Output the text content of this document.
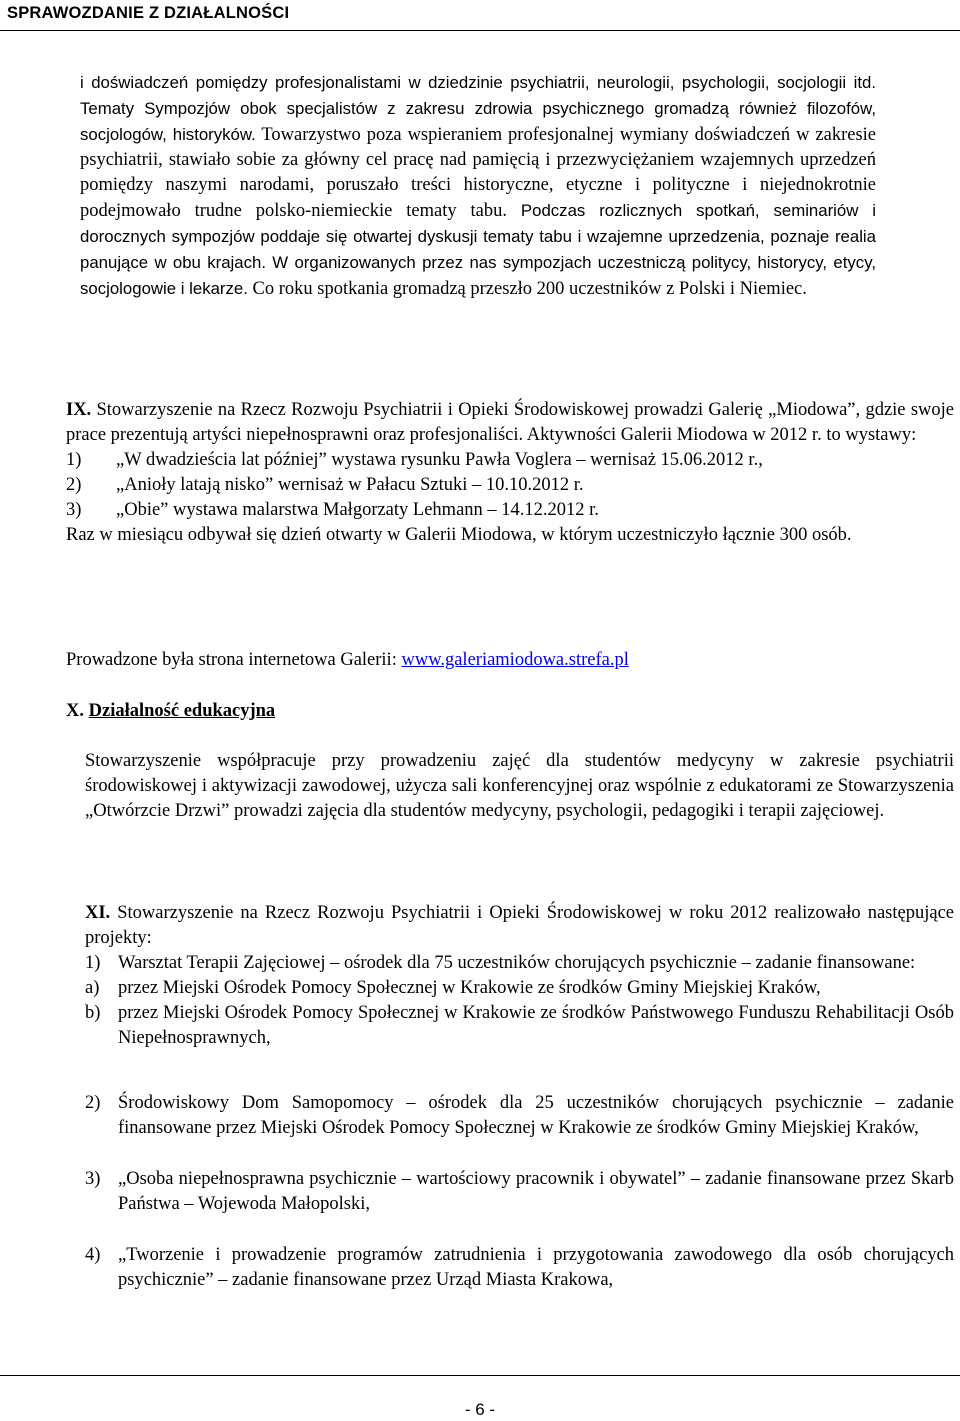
SPRAWOZDANIE Z DZIAŁALNOŚCI
i doświadczeń pomiędzy profesjonalistami w dziedzinie psychiatrii, neurologii, psychologii, socjologii itd. Tematy Sympozjów obok specjalistów z zakresu zdrowia psychicznego gromadzą również filozofów, socjologów, historyków. Towarzystwo poza wspieraniem profesjonalnej wymiany doświadczeń w zakresie psychiatrii, stawiało sobie za główny cel pracę nad pamięcią i przezwyciężaniem wzajemnych uprzedzeń pomiędzy naszymi narodami, poruszało treści historyczne, etyczne i polityczne i niejednokrotnie podejmowało trudne polsko-niemieckie tematy tabu. Podczas rozlicznych spotkań, seminariów i dorocznych sympozjów poddaje się otwartej dyskusji tematy tabu i wzajemne uprzedzenia, poznaje realia panujące w obu krajach. W organizowanych przez nas sympozjach uczestniczą politycy, historycy, etycy, socjologowie i lekarze. Co roku spotkania gromadzą przeszło 200 uczestników z Polski i Niemiec.
IX. Stowarzyszenie na Rzecz Rozwoju Psychiatrii i Opieki Środowiskowej prowadzi Galerię „Miodowa”, gdzie swoje prace prezentują artyści niepełnosprawni oraz profesjonaliści. Aktywności Galerii Miodowa w 2012 r. to wystawy:
1)	„W dwadzieścia lat później” wystawa rysunku Pawła Voglera – wernisaż 15.06.2012 r.,
2)	„Anioły latają nisko” wernisaż w Pałacu Sztuki – 10.10.2012 r.
3)	„Obie” wystawa malarstwa Małgorzaty Lehmann – 14.12.2012 r.
Raz w miesiącu odbywał się dzień otwarty w Galerii Miodowa, w którym uczestniczyło łącznie 300 osób.
Prowadzone była strona internetowa Galerii: www.galeriamiodowa.strefa.pl
X. Działalność edukacyjna
Stowarzyszenie współpracuje przy prowadzeniu zajęć dla studentów medycyny w zakresie psychiatrii środowiskowej i aktywizacji zawodowej, użycza sali konferencyjnej oraz wspólnie z edukatorami ze Stowarzyszenia „Otwórzcie Drzwi” prowadzi zajęcia dla studentów medycyny, psychologii, pedagogiki i terapii zajęciowej.
XI. Stowarzyszenie na Rzecz Rozwoju Psychiatrii i Opieki Środowiskowej w roku 2012 realizowało następujące projekty:
1) Warsztat Terapii Zajęciowej – ośrodek dla 75 uczestników chorujących psychicznie – zadanie finansowane:
a)	przez Miejski Ośrodek Pomocy Społecznej w Krakowie ze środków Gminy Miejskiej Kraków,
b) przez Miejski Ośrodek Pomocy Społecznej w Krakowie ze środków Państwowego Funduszu Rehabilitacji Osób Niepełnosprawnych,
2) Środowiskowy Dom Samopomocy – ośrodek dla 25 uczestników chorujących psychicznie – zadanie finansowane przez Miejski Ośrodek Pomocy Społecznej w Krakowie ze środków Gminy Miejskiej Kraków,
3) „Osoba niepełnosprawna psychicznie – wartościowy pracownik i obywatel” – zadanie finansowane przez Skarb Państwa – Wojewoda Małopolski,
4) „Tworzenie i prowadzenie programów zatrudnienia i przygotowania zawodowego dla osób chorujących psychicznie” – zadanie finansowane przez Urząd Miasta Krakowa,
- 6 -
